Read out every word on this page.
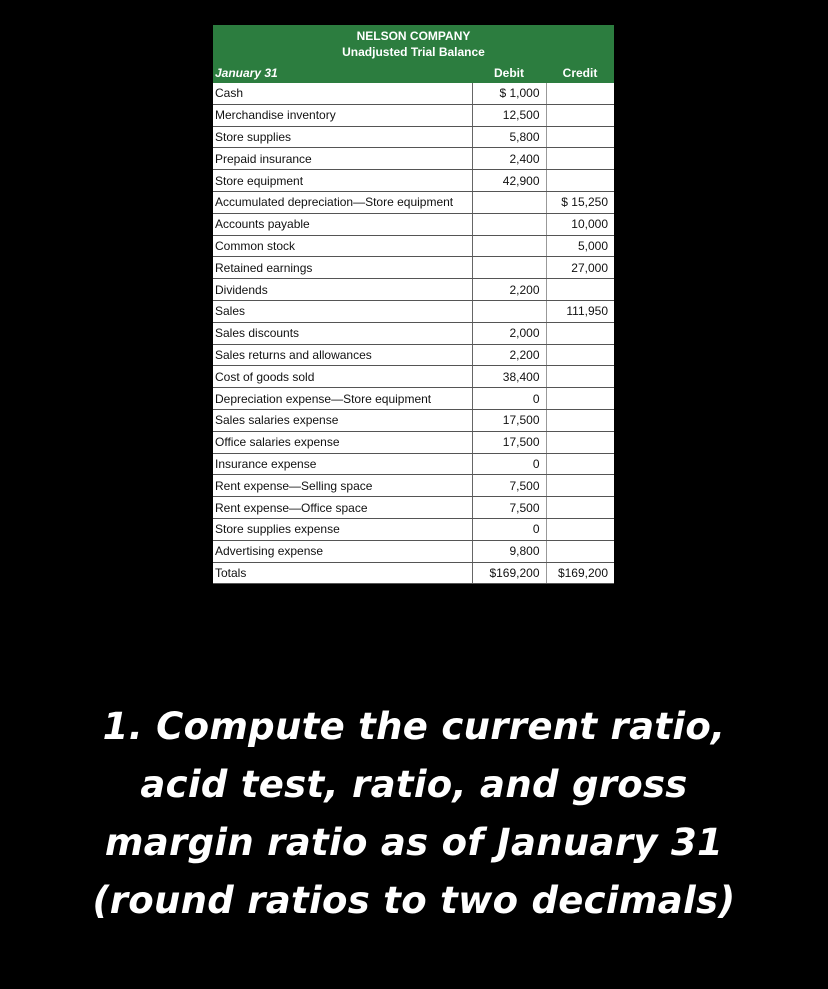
NELSON COMPANY
Unadjusted Trial Balance
January 31	Debit	Credit
Cash	$ 1,000	
Merchandise inventory	12,500	
Store supplies	5,800	
Prepaid insurance	2,400	
Store equipment	42,900	
Accumulated depreciation—Store equipment		$ 15,250
Accounts payable		10,000
Common stock		5,000
Retained earnings		27,000
Dividends	2,200	
Sales		111,950
Sales discounts	2,000	
Sales returns and allowances	2,200	
Cost of goods sold	38,400	
Depreciation expense—Store equipment	0	
Sales salaries expense	17,500	
Office salaries expense	17,500	
Insurance expense	0	
Rent expense—Selling space	7,500	
Rent expense—Office space	7,500	
Store supplies expense	0	
Advertising expense	9,800	
Totals	$169,200	$169,200
1. Compute the current ratio,
acid test, ratio, and gross
margin ratio as of January 31
(round ratios to two decimals)
